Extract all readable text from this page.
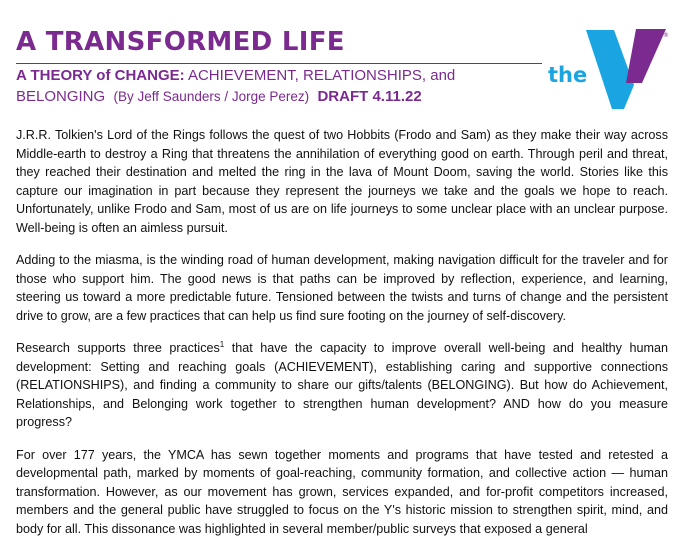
A TRANSFORMED LIFE
A THEORY of CHANGE: ACHIEVEMENT, RELATIONSHIPS, and
BELONGING (By Jeff Saunders / Jorge Perez) DRAFT 4.11.22
the
YMCA
®

J.R.R. Tolkien's Lord of the Rings follows the quest of two Hobbits (Frodo and Sam) as they make their way across Middle-earth to destroy a Ring that threatens the annihilation of everything good on earth. Through peril and threat, they reached their destination and melted the ring in the lava of Mount Doom, saving the world. Stories like this capture our imagination in part because they represent the journeys we take and the goals we hope to reach. Unfortunately, unlike Frodo and Sam, most of us are on life journeys to some unclear place with an unclear purpose. Well-being is often an aimless pursuit.

Adding to the miasma, is the winding road of human development, making navigation difficult for the traveler and for those who support him. The good news is that paths can be improved by reflection, experience, and learning, steering us toward a more predictable future. Tensioned between the twists and turns of change and the persistent drive to grow, are a few practices that can help us find sure footing on the journey of self-discovery.

Research supports three practices$^1$ that have the capacity to improve overall well-being and healthy human development: Setting and reaching goals (ACHIEVEMENT), establishing caring and supportive connections (RELATIONSHIPS), and finding a community to share our gifts/talents (BELONGING). But how do Achievement, Relationships, and Belonging work together to strengthen human development? AND how do you measure progress?

For over 177 years, the YMCA has sewn together moments and programs that have tested and retested a developmental path, marked by moments of goal-reaching, community formation, and collective action — human transformation. However, as our movement has grown, services expanded, and for-profit competitors increased, members and the general public have struggled to focus on the Y's historic mission to strengthen spirit, mind, and body for all. This dissonance was highlighted in several member/public surveys that exposed a general
